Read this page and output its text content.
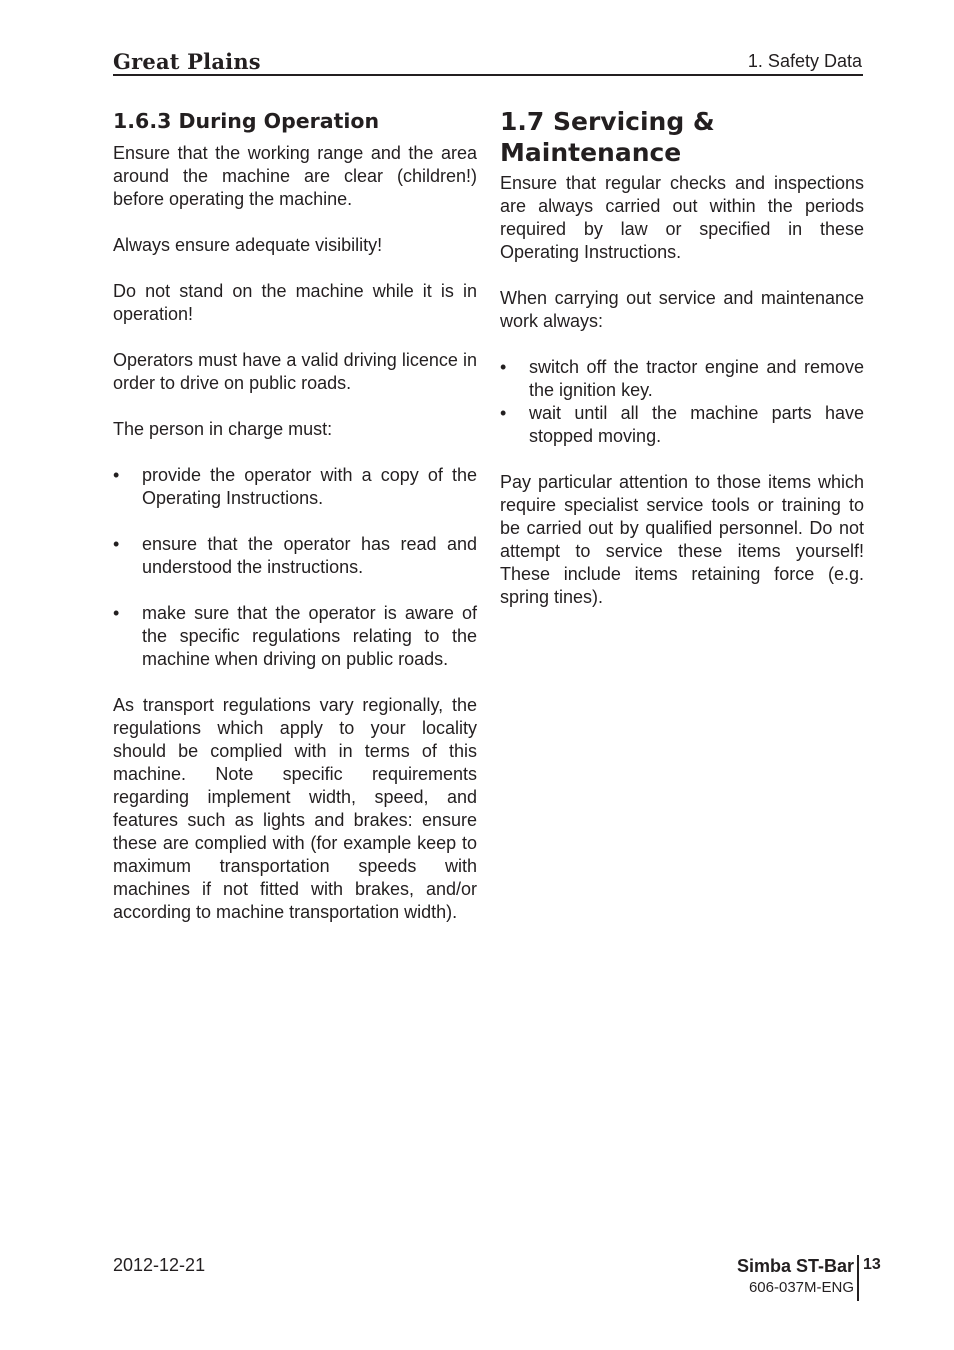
Great Plains	1. Safety Data
1.6.3 During Operation

Ensure that the working range and the area around the machine are clear (children!) before operating the machine.

Always ensure adequate visibility!

Do not stand on the machine while it is in operation!

Operators must have a valid driving licence in order to drive on public roads.

The person in charge must:

• provide the operator with a copy of the Operating Instructions.
• ensure that the operator has read and understood the instructions.
• make sure that the operator is aware of the specific regulations relating to the machine when driving on public roads.

As transport regulations vary regionally, the regulations which apply to your locality should be complied with in terms of this machine. Note specific requirements regarding implement width, speed, and features such as lights and brakes: ensure these are complied with (for example keep to maximum transportation speeds with machines if not fitted with brakes, and/or according to machine transportation width).

1.7 Servicing & Maintenance

Ensure that regular checks and inspections are always carried out within the periods required by law or specified in these Operating Instructions.

When carrying out service and maintenance work always:

• switch off the tractor engine and remove the ignition key.
• wait until all the machine parts have stopped moving.

Pay particular attention to those items which require specialist service tools or training to be carried out by qualified personnel. Do not attempt to service these items yourself! These include items retaining force (e.g. spring tines).

2012-12-21	Simba ST-Bar
606-037M-ENG
13
